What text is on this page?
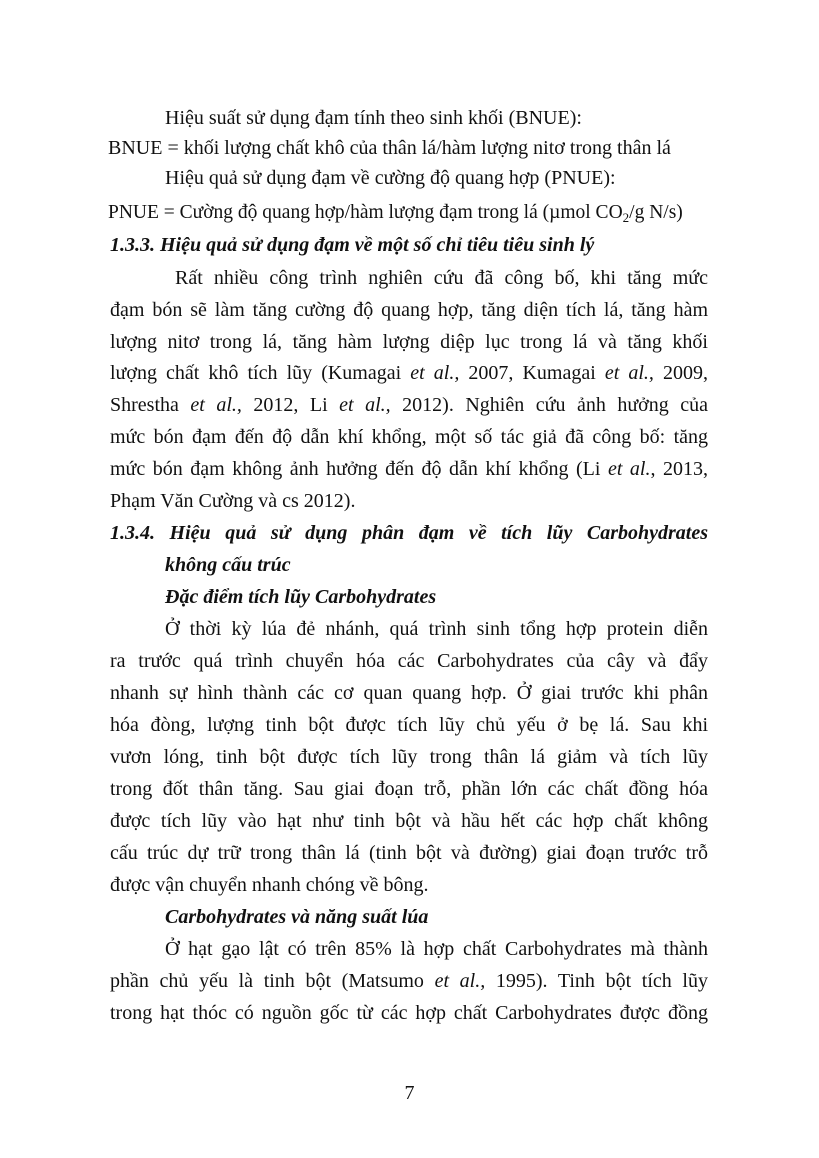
Hiệu suất sử dụng đạm tính theo sinh khối (BNUE):
BNUE = khối lượng chất khô của thân lá/hàm lượng nitơ trong thân lá
Hiệu quả sử dụng đạm về cường độ quang hợp (PNUE):
PNUE = Cường độ quang hợp/hàm lượng đạm trong lá (µmol $CO_2/g$ N/s)
1.3.3. Hiệu quả sử dụng đạm về một số chỉ tiêu tiêu sinh lý
Rất nhiều công trình nghiên cứu đã công bố, khi tăng mức
đạm bón sẽ làm tăng cường độ quang hợp, tăng diện tích lá, tăng hàm
lượng nitơ trong lá, tăng hàm lượng diệp lục trong lá và tăng khối
lượng chất khô tích lũy (Kumagai et al., 2007, Kumagai et al., 2009,
Shrestha et al., 2012, Li et al., 2012). Nghiên cứu ảnh hưởng của
mức bón đạm đến độ dẫn khí khổng, một số tác giả đã công bố: tăng
mức bón đạm không ảnh hưởng đến độ dẫn khí khổng (Li et al., 2013,
Phạm Văn Cường và cs 2012).
1.3.4. Hiệu quả sử dụng phân đạm về tích lũy Carbohydrates
không cấu trúc
Đặc điểm tích lũy Carbohydrates
Ở thời kỳ lúa đẻ nhánh, quá trình sinh tổng hợp protein diễn
ra trước quá trình chuyển hóa các Carbohydrates của cây và đẩy
nhanh sự hình thành các cơ quan quang hợp. Ở giai trước khi phân
hóa đòng, lượng tinh bột được tích lũy chủ yếu ở bẹ lá. Sau khi
vươn lóng, tinh bột được tích lũy trong thân lá giảm và tích lũy
trong đốt thân tăng. Sau giai đoạn trỗ, phần lớn các chất đồng hóa
được tích lũy vào hạt như tinh bột và hầu hết các hợp chất không
cấu trúc dự trữ trong thân lá (tinh bột và đường) giai đoạn trước trỗ
được vận chuyển nhanh chóng về bông.
Carbohydrates và năng suất lúa
Ở hạt gạo lật có trên 85% là hợp chất Carbohydrates mà thành
phần chủ yếu là tinh bột (Matsumo et al., 1995). Tinh bột tích lũy
trong hạt thóc có nguồn gốc từ các hợp chất Carbohydrates được đồng
7
